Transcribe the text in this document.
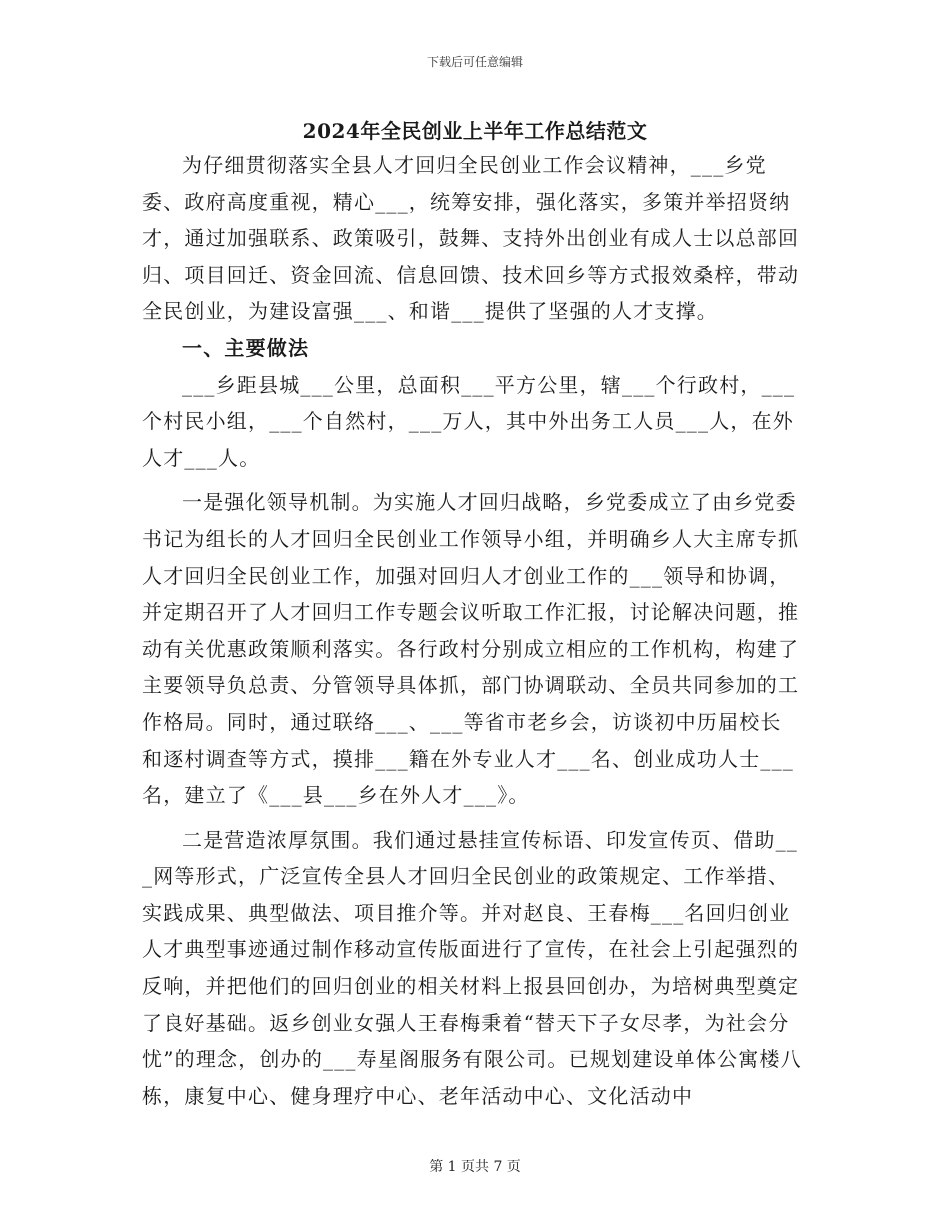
下载后可任意编辑
2024年全民创业上半年工作总结范文

为仔细贯彻落实全县人才回归全民创业工作会议精神，___乡党委、政府高度重视，精心___，统筹安排，强化落实，多策并举招贤纳才，通过加强联系、政策吸引，鼓舞、支持外出创业有成人士以总部回归、项目回迁、资金回流、信息回馈、技术回乡等方式报效桑梓，带动全民创业，为建设富强___、和谐___提供了坚强的人才支撑。

一、主要做法

___乡距县城___公里，总面积___平方公里，辖___个行政村，___个村民小组，___个自然村，___万人，其中外出务工人员___人，在外人才___人。

一是强化领导机制。为实施人才回归战略，乡党委成立了由乡党委书记为组长的人才回归全民创业工作领导小组，并明确乡人大主席专抓人才回归全民创业工作，加强对回归人才创业工作的___领导和协调，并定期召开了人才回归工作专题会议听取工作汇报，讨论解决问题，推动有关优惠政策顺利落实。各行政村分别成立相应的工作机构，构建了主要领导负总责、分管领导具体抓，部门协调联动、全员共同参加的工作格局。同时，通过联络___、___等省市老乡会，访谈初中历届校长和逐村调查等方式，摸排___籍在外专业人才___名、创业成功人士___名，建立了《___县___乡在外人才___》。

二是营造浓厚氛围。我们通过悬挂宣传标语、印发宣传页、借助___网等形式，广泛宣传全县人才回归全民创业的政策规定、工作举措、实践成果、典型做法、项目推介等。并对赵良、王春梅___名回归创业人才典型事迹通过制作移动宣传版面进行了宣传，在社会上引起强烈的反响，并把他们的回归创业的相关材料上报县回创办，为培树典型奠定了良好基础。返乡创业女强人王春梅秉着“替天下子女尽孝，为社会分忧”的理念，创办的___寿星阁服务有限公司。已规划建设单体公寓楼八栋，康复中心、健身理疗中心、老年活动中心、文化活动中

第 1 页共 7 页
